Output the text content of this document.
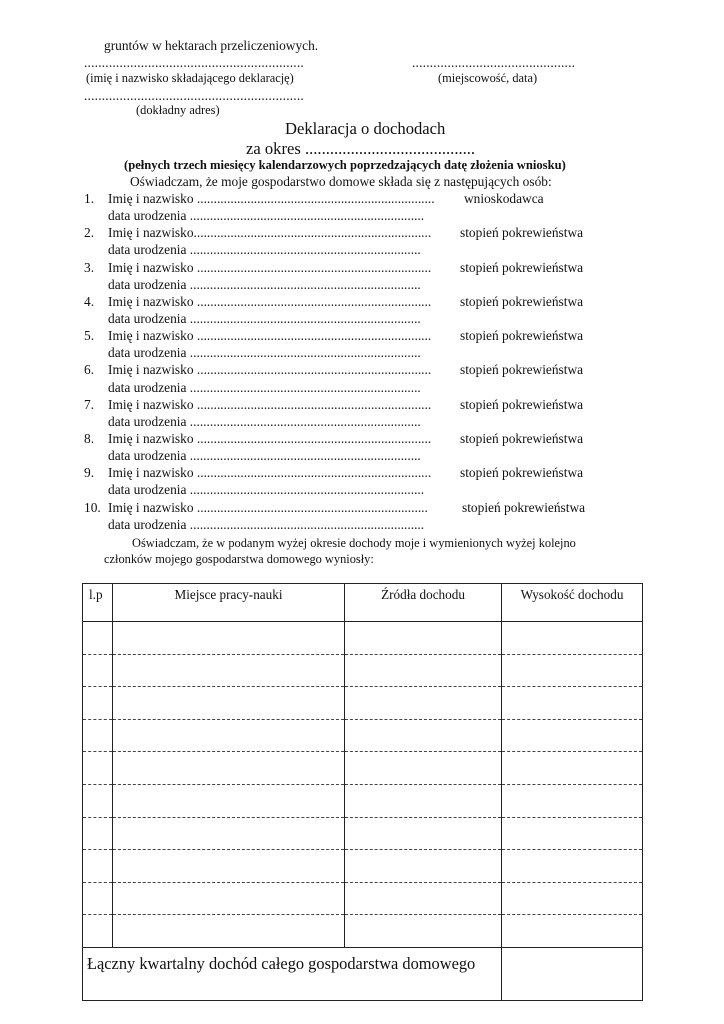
gruntów w hektarach przeliczeniowych.
..............................................................	..............................................
(imię i nazwisko składającego deklarację)	(miejscowość, data)
..............................................................
(dokładny adres)
Deklaracja o dochodach
za okres .........................................
(pełnych trzech miesięcy kalendarzowych poprzedzających datę złożenia wniosku)
Oświadczam, że moje gospodarstwo domowe składa się z następujących osób:
1. Imię i nazwisko ....................................................................... wnioskodawca
data urodzenia ......................................................................
2. Imię i nazwisko....................................................................... stopień pokrewieństwa
data urodzenia .....................................................................
3. Imię i nazwisko ...................................................................... stopień pokrewieństwa
data urodzenia .....................................................................
4. Imię i nazwisko ...................................................................... stopień pokrewieństwa
data urodzenia .....................................................................
5. Imię i nazwisko ...................................................................... stopień pokrewieństwa
data urodzenia .....................................................................
6. Imię i nazwisko ...................................................................... stopień pokrewieństwa
data urodzenia .....................................................................
7. Imię i nazwisko ...................................................................... stopień pokrewieństwa
data urodzenia .....................................................................
8. Imię i nazwisko ...................................................................... stopień pokrewieństwa
data urodzenia .....................................................................
9. Imię i nazwisko ...................................................................... stopień pokrewieństwa
data urodzenia ......................................................................
10. Imię i nazwisko .....................................................................	stopień pokrewieństwa
data urodzenia ......................................................................
Oświadczam, że w podanym wyżej okresie dochody moje i wymienionych wyżej kolejno
członków mojego gospodarstwa domowego wyniosły:
l.p	Miejsce pracy-nauki	Źródła dochodu	Wysokość dochodu

Łączny kwartalny dochód całego gospodarstwa domowego			
